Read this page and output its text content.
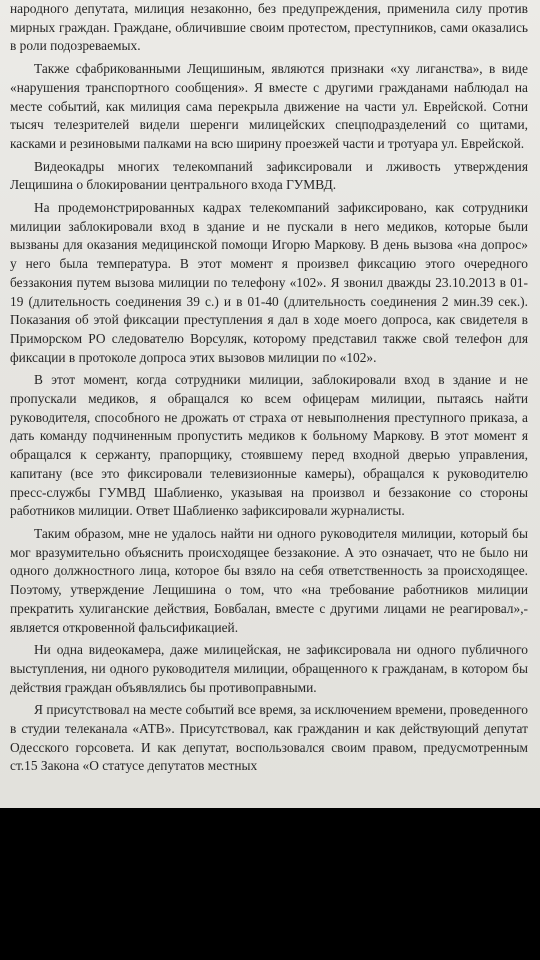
народного депутата, милиция незаконно, без предупреждения, применила силу против мирных граждан. Граждане, обличившие своим протестом, преступников, сами оказались в роли подозреваемых.

Также сфабрикованными Лещишиным, являются признаки «ху лиганства», в виде «нарушения транспортного сообщения». Я вместе с другими гражданами наблюдал на месте событий, как милиция сама перекрыла движение на части ул. Еврейской. Сотни тысяч телезрителей видели шеренги милицейских спецподразделений со щитами, касками и резиновыми палками на всю ширину проезжей части и тротуара ул. Еврейской.

Видеокадры многих телекомпаний зафиксировали и лживость утверждения Лещишина о блокировании центрального входа ГУМВД.

На продемонстрированных кадрах телекомпаний зафиксировано, как сотрудники милиции заблокировали вход в здание и не пускали в него медиков, которые были вызваны для оказания медицинской помощи Игорю Маркову. В день вызова «на допрос» у него была температура. В этот момент я произвел фиксацию этого очередного беззакония путем вызова милиции по телефону «102». Я звонил дважды 23.10.2013 в 01-19 (длительность соединения 39 с.) и в 01-40 (длительность соединения 2 мин.39 сек.). Показания об этой фиксации преступления я дал в ходе моего допроса, как свидетеля в Приморском РО следователю Ворсуляк, которому представил также свой телефон для фиксации в протоколе допроса этих вызовов милиции по «102».

В этот момент, когда сотрудники милиции, заблокировали вход в здание и не пропускали медиков, я обращался ко всем офицерам милиции, пытаясь найти руководителя, способного не дрожать от страха от невыполнения преступного приказа, а дать команду подчиненным пропустить медиков к больному Маркову. В этот момент я обращался к сержанту, прапорщику, стоявшему перед входной дверью управления, капитану (все это фиксировали телевизионные камеры), обращался к руководителю пресс-службы ГУМВД Шаблиенко, указывая на произвол и беззаконие со стороны работников милиции. Ответ Шаблиенко зафиксировали журналисты.

Таким образом, мне не удалось найти ни одного руководителя милиции, который бы мог вразумительно объяснить происходящее беззаконие. А это означает, что не было ни одного должностного лица, которое бы взяло на себя ответственность за происходящее. Поэтому, утверждение Лещишина о том, что «на требование работников милиции прекратить хулиганские действия, Бовбалан, вместе с другими лицами не реагировал»,-является откровенной фальсификацией.

Ни одна видеокамера, даже милицейская, не зафиксировала ни одного публичного выступления, ни одного руководителя милиции, обращенного к гражданам, в котором бы действия граждан объявлялись бы противоправными.

Я присутствовал на месте событий все время, за исключением времени, проведенного в студии телеканала «АТВ». Присутствовал, как гражданин и как действующий депутат Одесского горсовета. И как депутат, воспользовался своим правом, предусмотренным ст.15 Закона «О статусе депутатов местных
